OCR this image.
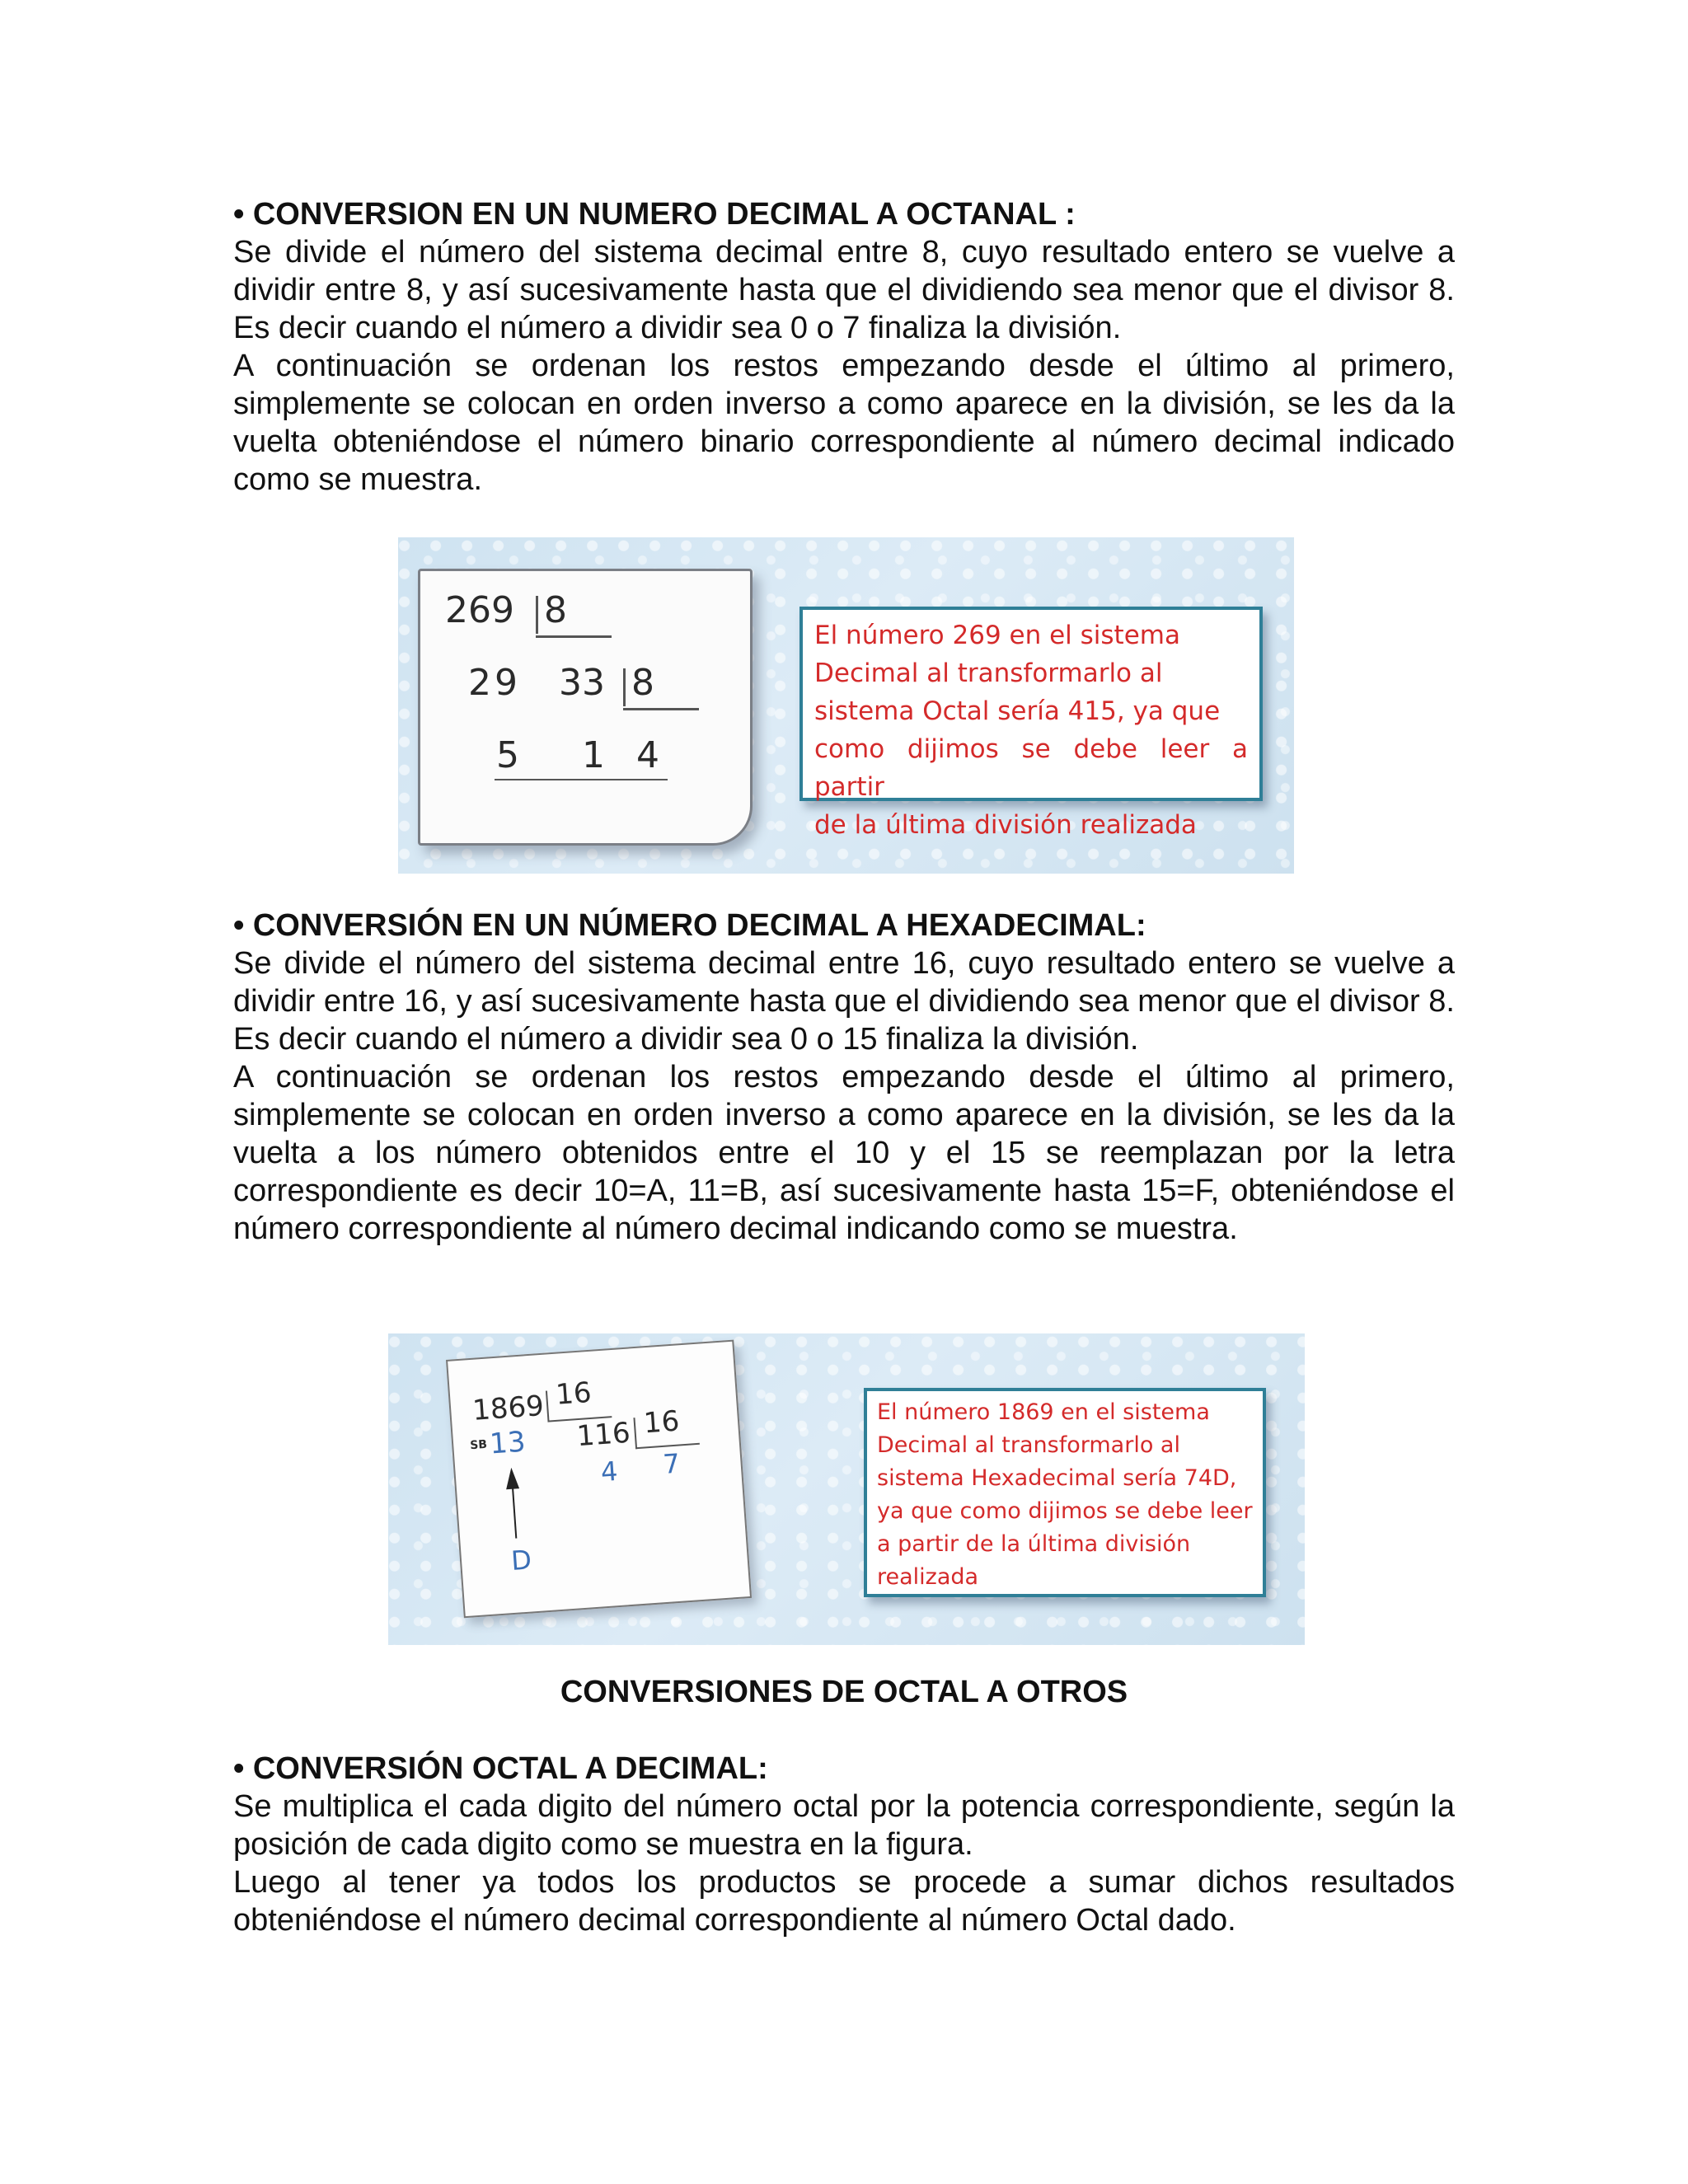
• CONVERSION EN UN NUMERO DECIMAL A OCTANAL :

Se divide el número del sistema decimal entre 8, cuyo resultado entero se vuelve a dividir entre 8, y así sucesivamente hasta que el dividiendo sea menor que el divisor 8. Es decir cuando el número a dividir sea 0 o 7 finaliza la división.

A continuación se ordenan los restos empezando desde el último al primero, simplemente se colocan en orden inverso a como aparece en la división, se les da la vuelta obteniéndose el número binario correspondiente al número decimal indicado como se muestra.

269 8
29 33 8
5 1 4
El número 269 en el sistema
Decimal al transformarlo al
sistema Octal sería 415, ya que
como dijimos se debe leer a partir
de la última división realizada

• CONVERSIÓN EN UN NÚMERO DECIMAL A HEXADECIMAL:

Se divide el número del sistema decimal entre 16, cuyo resultado entero se vuelve a dividir entre 16, y así sucesivamente hasta que el dividiendo sea menor que el divisor 8. Es decir cuando el número a dividir sea 0 o 15 finaliza la división.

A continuación se ordenan los restos empezando desde el último al primero, simplemente se colocan en orden inverso a como aparece en la división, se les da la vuelta a los número obtenidos entre el 10 y el 15 se reemplazan por la letra correspondiente es decir 10=A, 11=B, así sucesivamente hasta 15=F, obteniéndose el número correspondiente al número decimal indicando como se muestra.

1869 16
SB 13 116 16
4 7
D
El número 1869 en el sistema
Decimal al transformarlo al
sistema Hexadecimal sería 74D,
ya que como dijimos se debe leer
a partir de la última división
realizada

CONVERSIONES DE OCTAL A OTROS

• CONVERSIÓN OCTAL A DECIMAL:

Se multiplica el cada digito del número octal por la potencia correspondiente, según la posición de cada digito como se muestra en la figura.

Luego al tener ya todos los productos se procede a sumar dichos resultados obteniéndose el número decimal correspondiente al número Octal dado.
